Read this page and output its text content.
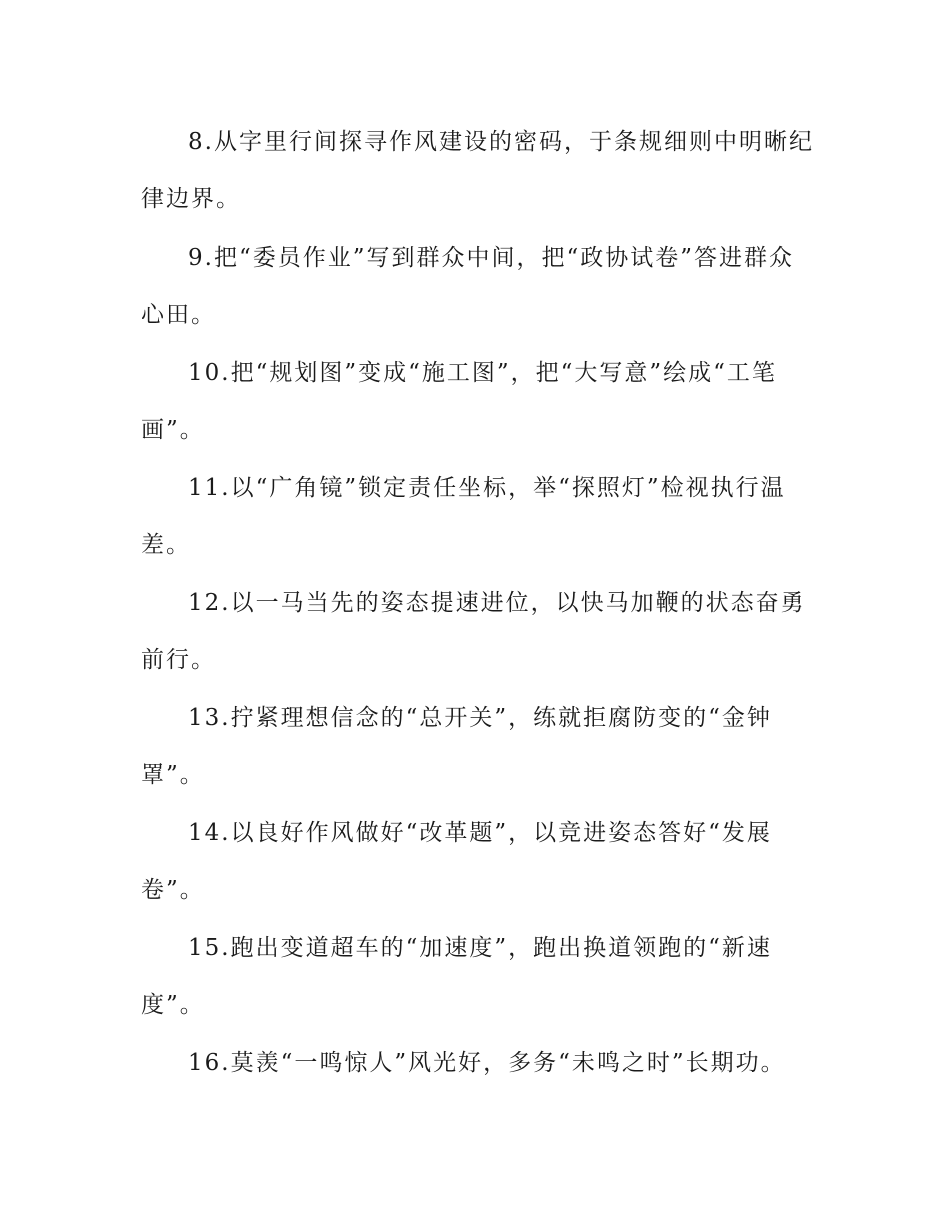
8.从字里行间探寻作风建设的密码，于条规细则中明晰纪律边界。

9.把“委员作业”写到群众中间，把“政协试卷”答进群众心田。

10.把“规划图”变成“施工图”，把“大写意”绘成“工笔画”。

11.以“广角镜”锁定责任坐标，举“探照灯”检视执行温差。

12.以一马当先的姿态提速进位，以快马加鞭的状态奋勇前行。

13.拧紧理想信念的“总开关”，练就拒腐防变的“金钟罩”。

14.以良好作风做好“改革题”，以竞进姿态答好“发展卷”。

15.跑出变道超车的“加速度”，跑出换道领跑的“新速度”。

16.莫羡“一鸣惊人”风光好，多务“未鸣之时”长期功。
